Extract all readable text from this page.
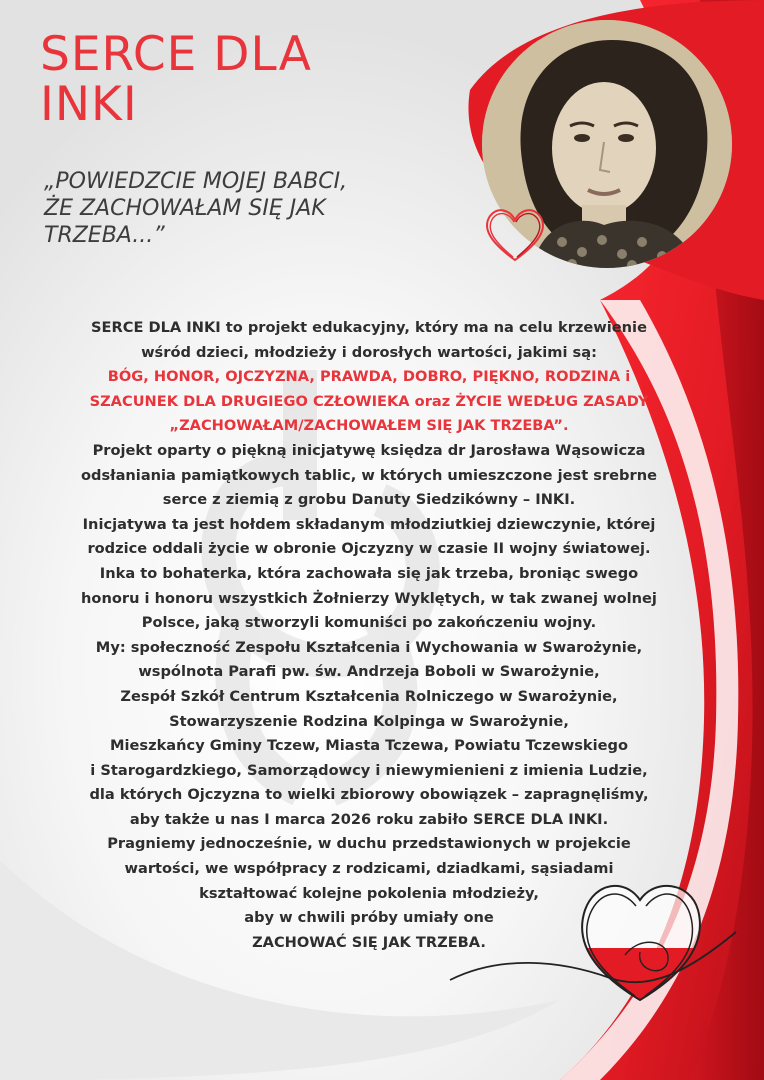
SERCE DLA
INKI
„POWIEDZCIE MOJEJ BABCI,
ŻE ZACHOWAŁAM SIĘ JAK
TRZEBA...”
SERCE DLA INKI to projekt edukacyjny, który ma na celu krzewienie
wśród dzieci, młodzieży i dorosłych wartości, jakimi są:
BÓG, HONOR, OJCZYZNA, PRAWDA, DOBRO, PIĘKNO, RODZINA i
SZACUNEK DLA DRUGIEGO CZŁOWIEKA oraz ŻYCIE WEDŁUG ZASADY
„ZACHOWAŁAM/ZACHOWAŁEM SIĘ JAK TRZEBA”.
Projekt oparty o piękną inicjatywę księdza dr Jarosława Wąsowicza
odsłaniania pamiątkowych tablic, w których umieszczone jest srebrne
serce z ziemią z grobu Danuty Siedzikówny – INKI.
Inicjatywa ta jest hołdem składanym młodziutkiej dziewczynie, której
rodzice oddali życie w obronie Ojczyzny w czasie II wojny światowej.
Inka to bohaterka, która zachowała się jak trzeba, broniąc swego
honoru i honoru wszystkich Żołnierzy Wyklętych, w tak zwanej wolnej
Polsce, jaką stworzyli komuniści po zakończeniu wojny.
My: społeczność Zespołu Kształcenia i Wychowania w Swarożynie,
wspólnota Parafi pw. św. Andrzeja Boboli w Swarożynie,
Zespół Szkół Centrum Kształcenia Rolniczego w Swarożynie,
Stowarzyszenie Rodzina Kolpinga w Swarożynie,
Mieszkańcy Gminy Tczew, Miasta Tczewa, Powiatu Tczewskiego
i Starogardzkiego, Samorządowcy i niewymienieni z imienia Ludzie,
dla których Ojczyzna to wielki zbiorowy obowiązek – zapragnęliśmy,
aby także u nas I marca 2026 roku zabiło SERCE DLA INKI.
Pragniemy jednocześnie, w duchu przedstawionych w projekcie
wartości, we współpracy z rodzicami, dziadkami, sąsiadami
kształtować kolejne pokolenia młodzieży,
aby w chwili próby umiały one
ZACHOWAĆ SIĘ JAK TRZEBA.
